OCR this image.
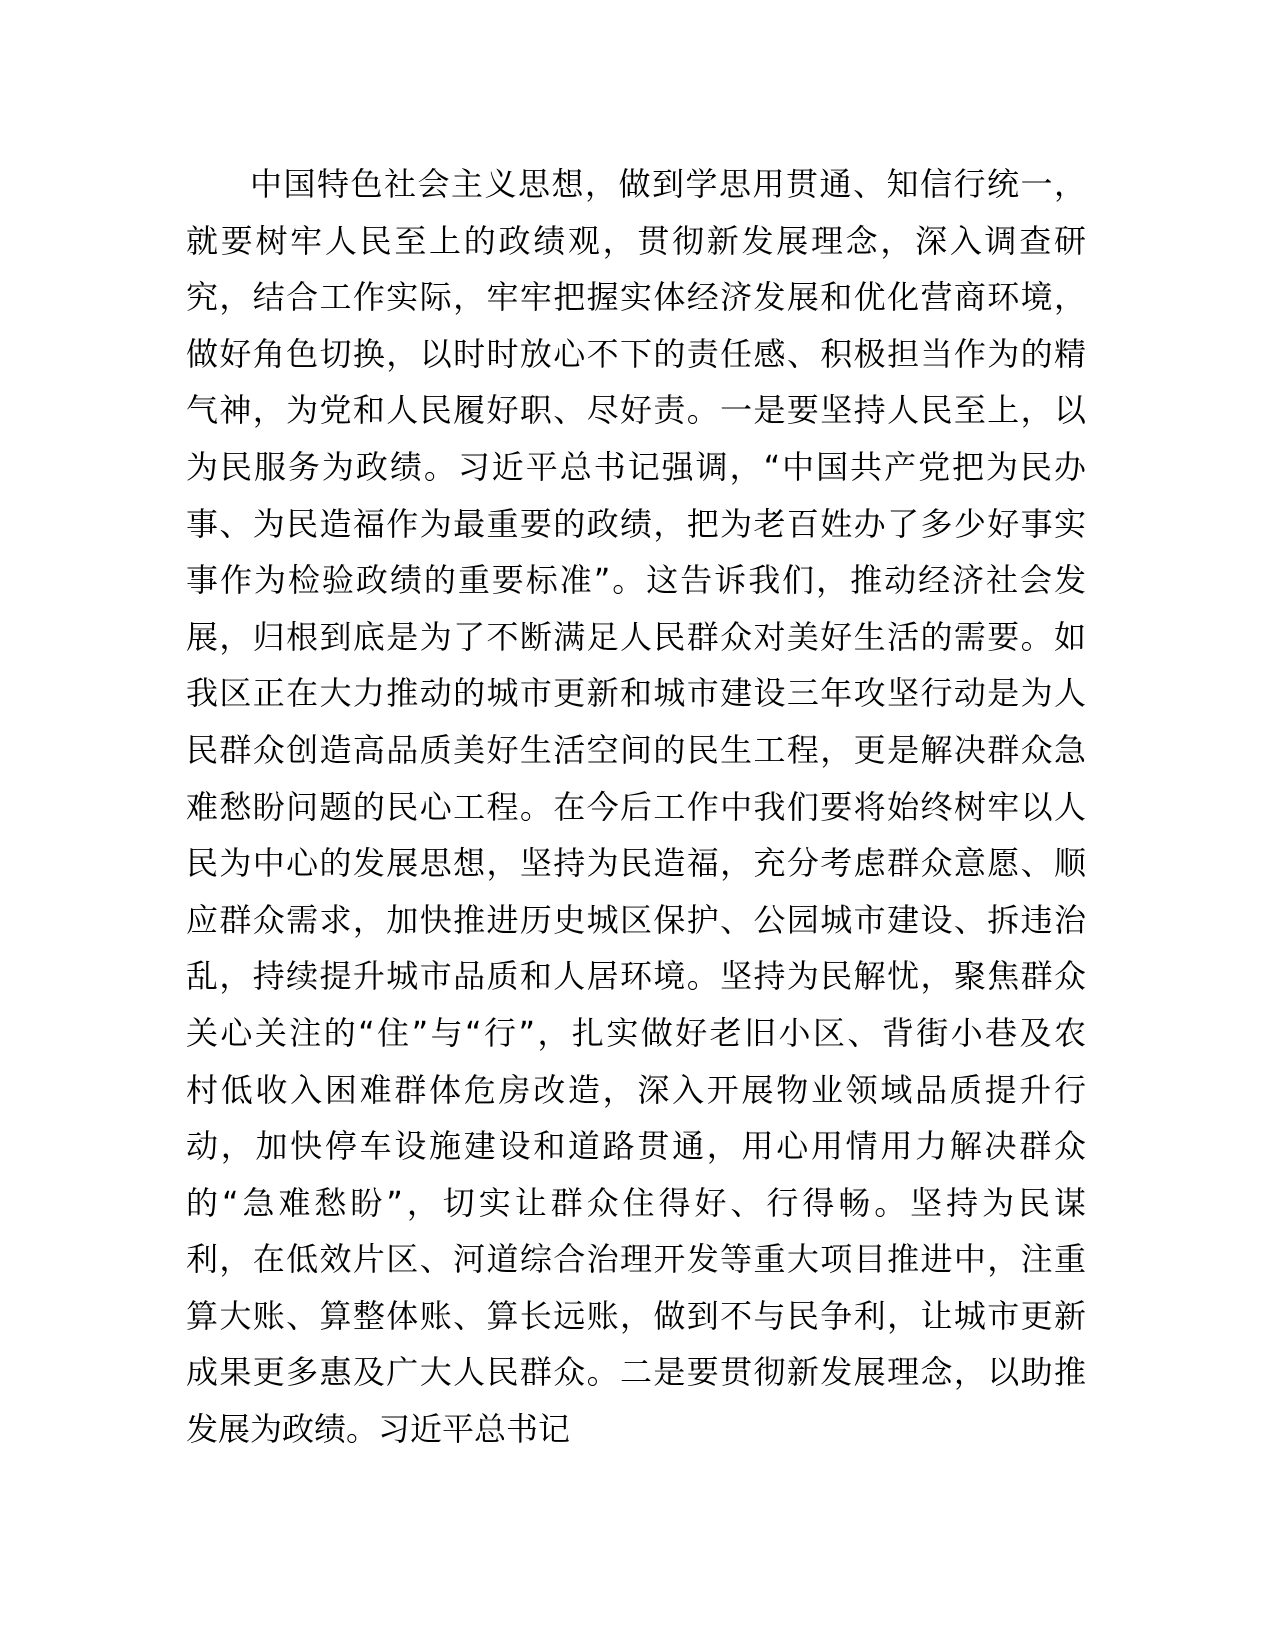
中国特色社会主义思想，做到学思用贯通、知信行统一，
就要树牢人民至上的政绩观，贯彻新发展理念，深入调查研
究，结合工作实际，牢牢把握实体经济发展和优化营商环境，
做好角色切换，以时时放心不下的责任感、积极担当作为的精
气神，为党和人民履好职、尽好责。一是要坚持人民至上，以
为民服务为政绩。习近平总书记强调，“中国共产党把为民办
事、为民造福作为最重要的政绩，把为老百姓办了多少好事实
事作为检验政绩的重要标准”。这告诉我们，推动经济社会发
展，归根到底是为了不断满足人民群众对美好生活的需要。如
我区正在大力推动的城市更新和城市建设三年攻坚行动是为人
民群众创造高品质美好生活空间的民生工程，更是解决群众急
难愁盼问题的民心工程。在今后工作中我们要将始终树牢以人
民为中心的发展思想，坚持为民造福，充分考虑群众意愿、顺
应群众需求，加快推进历史城区保护、公园城市建设、拆违治
乱，持续提升城市品质和人居环境。坚持为民解忧，聚焦群众
关心关注的“住”与“行”，扎实做好老旧小区、背街小巷及农
村低收入困难群体危房改造，深入开展物业领域品质提升行
动，加快停车设施建设和道路贯通，用心用情用力解决群众
的“急难愁盼”，切实让群众住得好、行得畅。坚持为民谋
利，在低效片区、河道综合治理开发等重大项目推进中，注重
算大账、算整体账、算长远账，做到不与民争利，让城市更新
成果更多惠及广大人民群众。二是要贯彻新发展理念，以助推
发展为政绩。习近平总书记
